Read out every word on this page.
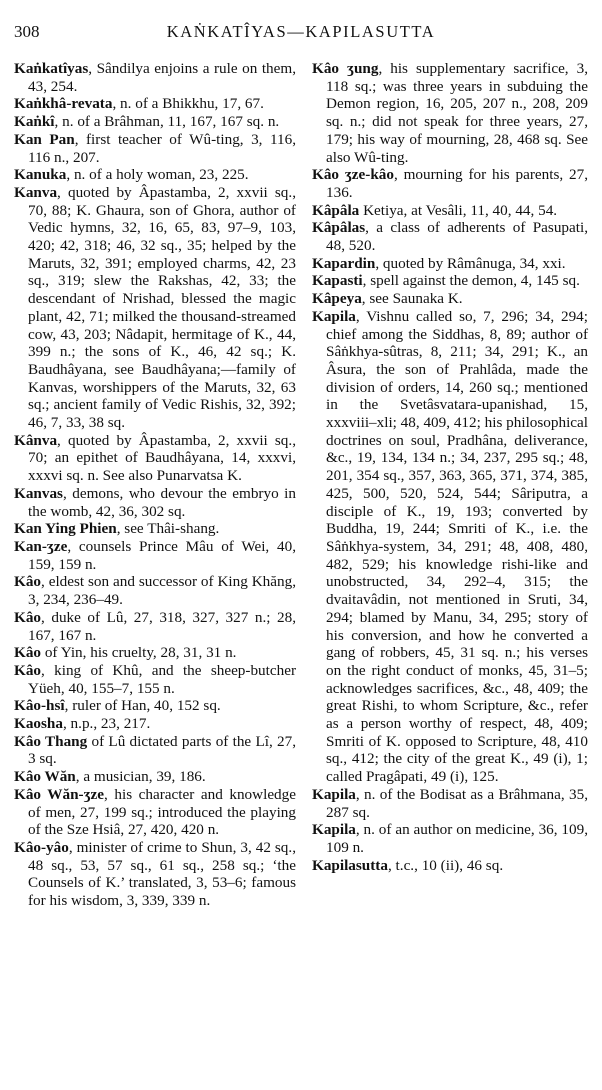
308	KAṄKATÎYAS—KAPILASUTTA

Kaṅkatîyas, Sândilya enjoins a rule on them, 43, 254.

Kaṅkhâ-revata, n. of a Bhikkhu, 17, 67.

Kaṅkî, n. of a Brâhman, 11, 167, 167 sq. n.

Kan Pan, first teacher of Wû-ting, 3, 116, 116 n., 207.

Kanuka, n. of a holy woman, 23, 225.

Kanva, quoted by Âpastamba, 2, xxvii sq., 70, 88; K. Ghaura, son of Ghora, author of Vedic hymns, 32, 16, 65, 83, 97–9, 103, 420; 42, 318; 46, 32 sq., 35; helped by the Maruts, 32, 391; employed charms, 42, 23 sq., 319; slew the Rakshas, 42, 33; the descendant of Nrishad, blessed the magic plant, 42, 71; milked the thousand-streamed cow, 43, 203; Nâdapit, hermitage of K., 44, 399 n.; the sons of K., 46, 42 sq.; K. Baudhâyana, see Baudhâyana;—family of Kanvas, worshippers of the Maruts, 32, 63 sq.; ancient family of Vedic Rishis, 32, 392; 46, 7, 33, 38 sq.

Kânva, quoted by Âpastamba, 2, xxvii sq., 70; an epithet of Baudhâyana, 14, xxxvi, xxxvi sq. n. See also Punarvatsa K.

Kanvas, demons, who devour the embryo in the womb, 42, 36, 302 sq.

Kan Ying Phien, see Thâi-shang.

Kan-ʒze, counsels Prince Mâu of Wei, 40, 159, 159 n.

Kâo, eldest son and successor of King Khăng, 3, 234, 236–49.

Kâo, duke of Lû, 27, 318, 327, 327 n.; 28, 167, 167 n.

Kâo of Yin, his cruelty, 28, 31, 31 n.

Kâo, king of Khû, and the sheep-butcher Yüeh, 40, 155–7, 155 n.

Kâo-hsî, ruler of Han, 40, 152 sq.

Kaosha, n.p., 23, 217.

Kâo Thang of Lû dictated parts of the Lî, 27, 3 sq.

Kâo Wăn, a musician, 39, 186.

Kâo Wăn-ʒze, his character and knowledge of men, 27, 199 sq.; introduced the playing of the Sze Hsiâ, 27, 420, 420 n.

Kâo-yâo, minister of crime to Shun, 3, 42 sq., 48 sq., 53, 57 sq., 61 sq., 258 sq.; ‘the Counsels of K.’ translated, 3, 53–6; famous for his wisdom, 3, 339, 339 n.

Kâo ʒung, his supplementary sacrifice, 3, 118 sq.; was three years in subduing the Demon region, 16, 205, 207 n., 208, 209 sq. n.; did not speak for three years, 27, 179; his way of mourning, 28, 468 sq. See also Wû-ting.

Kâo ʒze-kâo, mourning for his parents, 27, 136.

Kâpâla Ketiya, at Vesâli, 11, 40, 44, 54.

Kâpâlas, a class of adherents of Pasupati, 48, 520.

Kapardin, quoted by Râmânuga, 34, xxi.

Kapasti, spell against the demon, 4, 145 sq.

Kâpeya, see Saunaka K.

Kapila, Vishnu called so, 7, 296; 34, 294; chief among the Siddhas, 8, 89; author of Sâṅkhya-sûtras, 8, 211; 34, 291; K., an Âsura, the son of Prahlâda, made the division of orders, 14, 260 sq.; mentioned in the Svetâsvatara-upanishad, 15, xxxviii–xli; 48, 409, 412; his philosophical doctrines on soul, Pradhâna, deliverance, &c., 19, 134, 134 n.; 34, 237, 295 sq.; 48, 201, 354 sq., 357, 363, 365, 371, 374, 385, 425, 500, 520, 524, 544; Sâriputra, a disciple of K., 19, 193; converted by Buddha, 19, 244; Smriti of K., i.e. the Sâṅkhya-system, 34, 291; 48, 408, 480, 482, 529; his knowledge rishi-like and unobstructed, 34, 292–4, 315; the dvaitavâdin, not mentioned in Sruti, 34, 294; blamed by Manu, 34, 295; story of his conversion, and how he converted a gang of robbers, 45, 31 sq. n.; his verses on the right conduct of monks, 45, 31–5; acknowledges sacrifices, &c., 48, 409; the great Rishi, to whom Scripture, &c., refer as a person worthy of respect, 48, 409; Smriti of K. opposed to Scripture, 48, 410 sq., 412; the city of the great K., 49 (i), 1; called Pragâpati, 49 (i), 125.

Kapila, n. of the Bodisat as a Brâhmana, 35, 287 sq.

Kapila, n. of an author on medicine, 36, 109, 109 n.

Kapilasutta, t.c., 10 (ii), 46 sq.
